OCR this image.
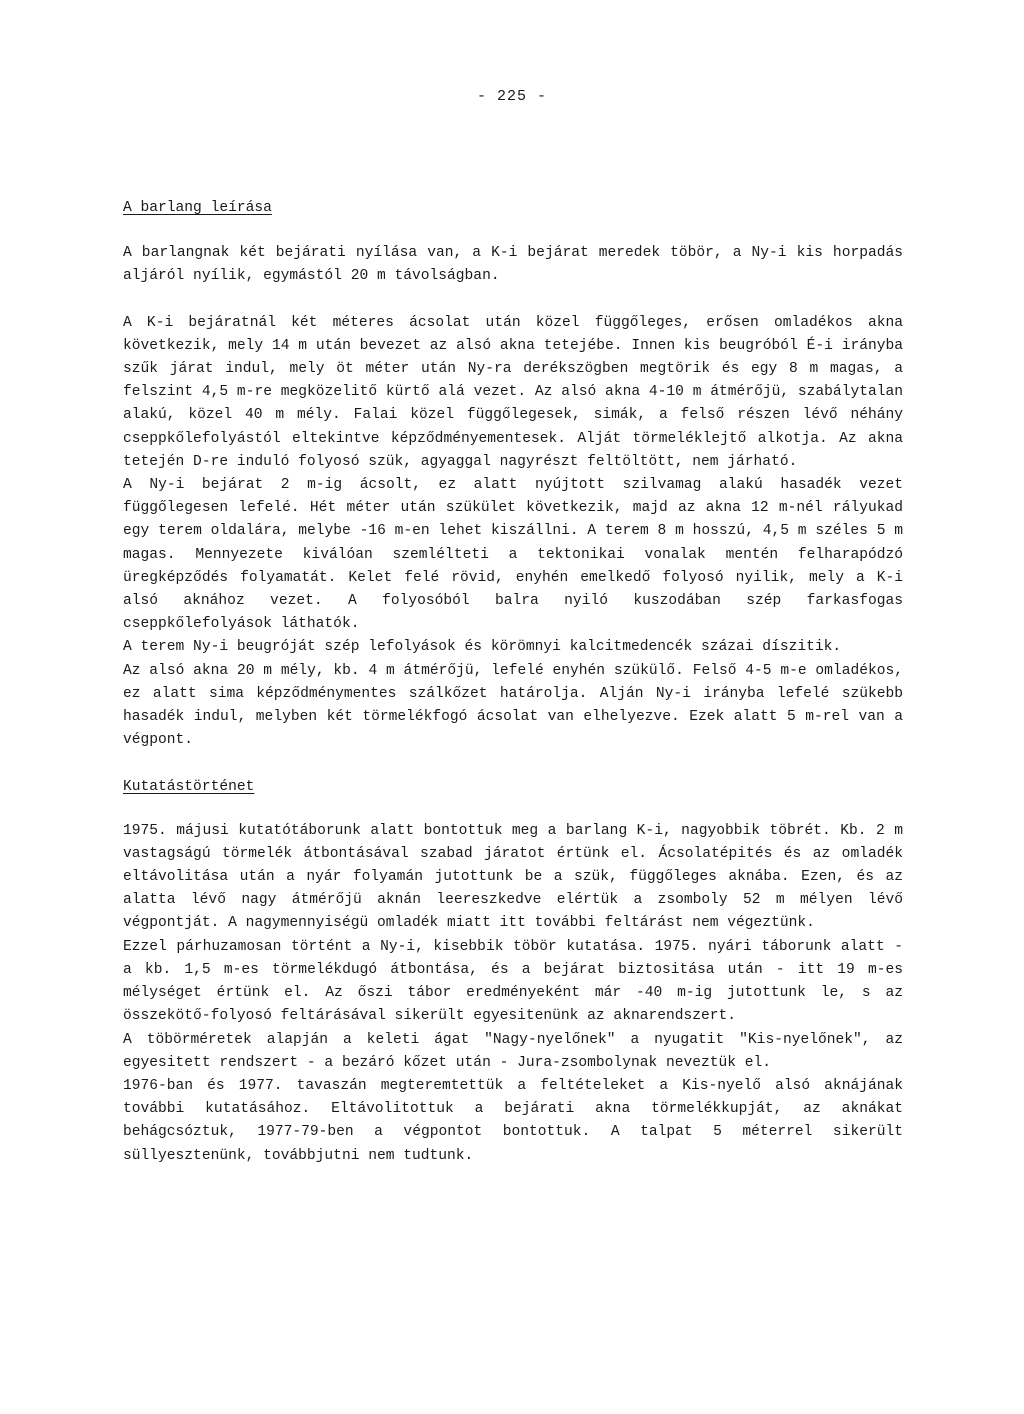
- 225 -
A barlang leírása

A barlangnak két bejárati nyílása van, a K-i bejárat meredek töbör, a Ny-i kis horpadás aljáról nyílik, egymástól 20 m távolságban.

A K-i bejáratnál két méteres ácsolat után közel függőleges, erősen omladékos akna következik, mely 14 m után bevezet az alsó akna tetejébe. Innen kis beugróból É-i irányba szűk járat indul, mely öt méter után Ny-ra derékszögben megtörik és egy 8 m magas, a felszint 4,5 m-re megközelitő kürtő alá vezet. Az alsó akna 4-10 m átmérőjü, szabálytalan alakú, közel 40 m mély. Falai közel függőlegesek, simák, a felső részen lévő néhány cseppkőlefolyástól eltekintve képződményementesek. Alját törmeléklejtő alkotja. Az akna tetején D-re induló folyosó szük, agyaggal nagyrészt feltöltött, nem járható.

A Ny-i bejárat 2 m-ig ácsolt, ez alatt nyújtott szilvamag alakú hasadék vezet függőlegesen lefelé. Hét méter után szükület következik, majd az akna 12 m-nél rályukad egy terem oldalára, melybe -16 m-en lehet kiszállni. A terem 8 m hosszú, 4,5 m széles 5 m magas. Mennyezete kiválóan szemlélteti a tektonikai vonalak mentén felharapódzó üregképződés folyamatát. Kelet felé rövid, enyhén emelkedő folyosó nyilik, mely a K-i alsó aknához vezet. A folyosóból balra nyiló kuszodában szép farkasfogas cseppkőlefolyások láthatók.

A terem Ny-i beugróját szép lefolyások és körömnyi kalcitmedencék százai díszitik.

Az alsó akna 20 m mély, kb. 4 m átmérőjü, lefelé enyhén szükülő. Felső 4-5 m-e omladékos, ez alatt sima képződménymentes szálkőzet határolja. Alján Ny-i irányba lefelé szükebb hasadék indul, melyben két törmelékfogó ácsolat van elhelyezve. Ezek alatt 5 m-rel van a végpont.

Kutatástörténet

1975. májusi kutatótáborunk alatt bontottuk meg a barlang K-i, nagyobbik töbrét. Kb. 2 m vastagságú törmelék átbontásával szabad járatot értünk el. Ácsolatépités és az omladék eltávolitása után a nyár folyamán jutottunk be a szük, függőleges aknába. Ezen, és az alatta lévő nagy átmérőjü aknán leereszkedve elértük a zsomboly 52 m mélyen lévő végpontját. A nagymennyiségü omladék miatt itt további feltárást nem végeztünk.

Ezzel párhuzamosan történt a Ny-i, kisebbik töbör kutatása. 1975. nyári táborunk alatt - a kb. 1,5 m-es törmelékdugó átbontása, és a bejárat biztositása után - itt 19 m-es mélységet értünk el. Az őszi tábor eredményeként már -40 m-ig jutottunk le, s az összekötő-folyosó feltárásával sikerült egyesitenünk az aknarendszert.

A töbörméretek alapján a keleti ágat "Nagy-nyelőnek" a nyugatit "Kis-nyelőnek", az egyesitett rendszert - a bezáró kőzet után - Jura-zsombolynak neveztük el.

1976-ban és 1977. tavaszán megteremtettük a feltételeket a Kis-nyelő alsó aknájának további kutatásához. Eltávolitottuk a bejárati akna törmelékkupját, az aknákat behágcsóztuk, 1977-79-ben a végpontot bontottuk. A talpat 5 méterrel sikerült süllyesztenünk, továbbjutni nem tudtunk.
